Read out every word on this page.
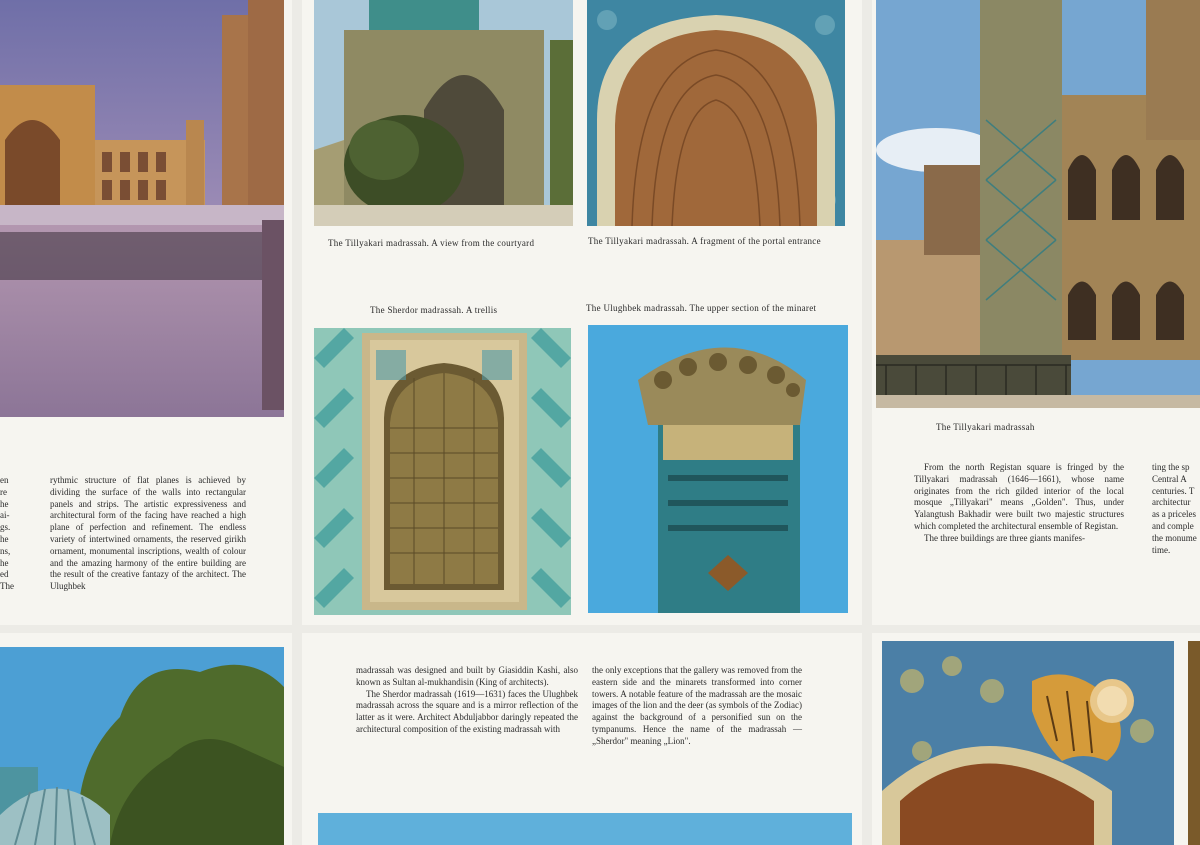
en
re
he
ai-
gs.
he
ns,
he
ed
The

rythmic structure of flat planes is achieved by dividing the surface of the walls into rectangular panels and strips. The artistic expressiveness and architectural form of the facing have reached a high plane of perfection and refinement. The endless variety of intertwined ornaments, the reserved girikh ornament, monumental inscriptions, wealth of colour and the amazing harmony of the entire building are the result of the creative fantazy of the architect. The Ulughbek

The Tillyakari madrassah. A view from the courtyard	The Tillyakari madrassah. A fragment of the portal entrance
The Sherdor madrassah. A trellis	The Ulughbek madrassah. The upper section of the minaret

madrassah was designed and built by Giasiddin Kashi, also known as Sultan al-mukhandisin (King of architects).

The Sherdor madrassah (1619—1631) faces the Ulughbek madrassah across the square and is a mirror reflection of the latter as it were. Architect Abduljabbor daringly repeated the architectural composition of the existing madrassah with

the only exceptions that the gallery was removed from the eastern side and the minarets transformed into corner towers. A notable feature of the madrassah are the mosaic images of the lion and the deer (as symbols of the Zodiac) against the background of a personified sun on the tympanums. Hence the name of the madrassah — „Sherdor" meaning „Lion".

The Tillyakari madrassah

From the north Registan square is fringed by the Tillyakari madrassah (1646—1661), whose name originates from the rich gilded interior of the local mosque „Tillyakari" means „Golden". Thus, under Yalangtush Bakhadir were built two majestic structures which completed the architectural ensemble of Registan.

The three buildings are three giants manifes-

ting the sp
Central A
centuries. T
architectur
as a priceles
and comple
the monume
time.
